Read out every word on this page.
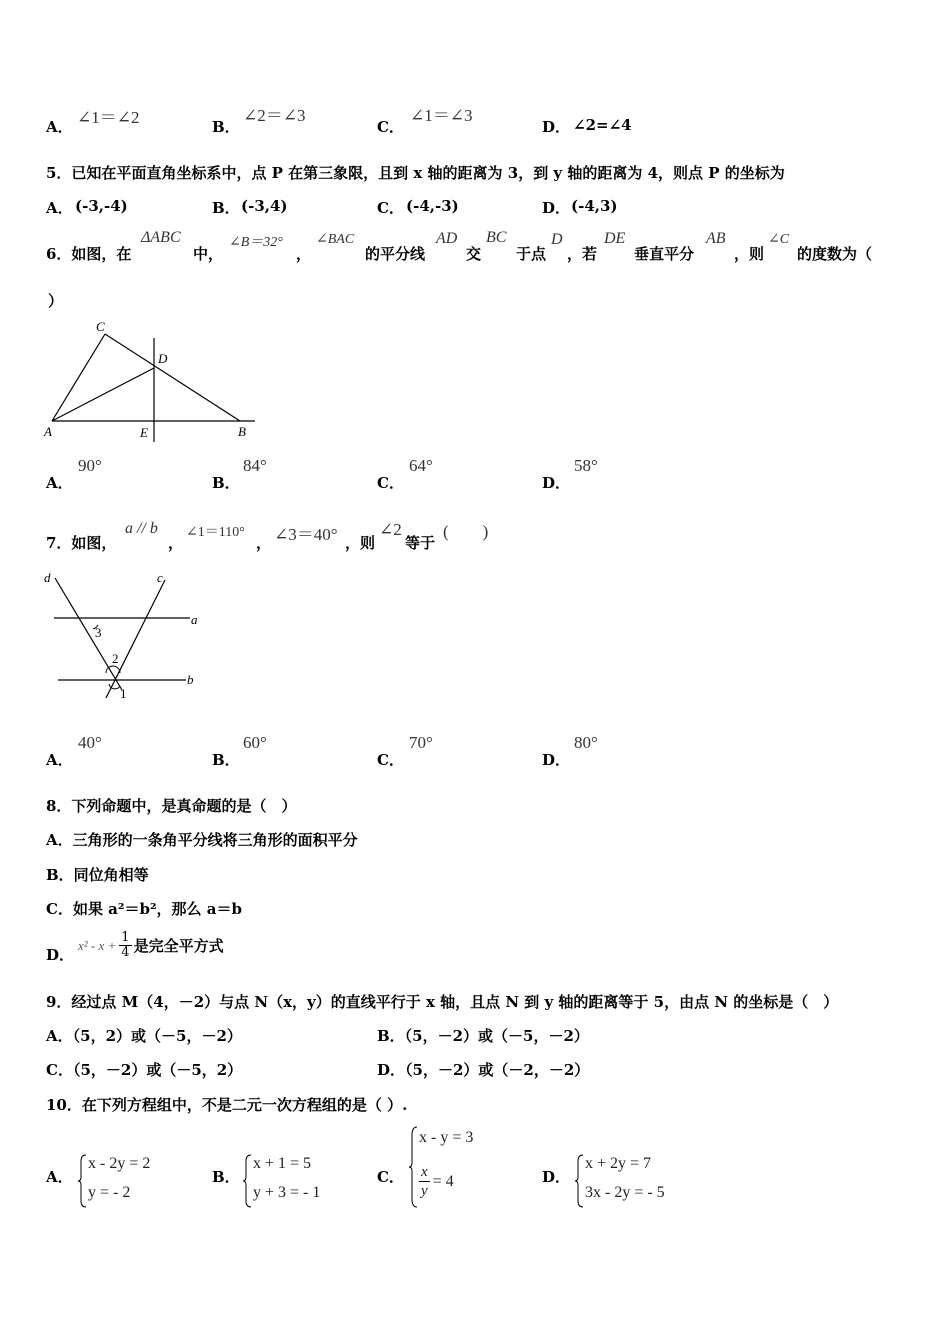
A． ∠1＝∠2	B．
∠2＝∠3
C．
∠1＝∠3
D． ∠2=∠4
5．已知在平面直角坐标系中，点 P 在第三象限，且到 x 轴的距离为 3，到 y 轴的距离为 4，则点 P 的坐标为
A． (-3,-4)	B． (-3,4)	C． (-4,-3)	D． (-4,3)
6．如图，在
ΔABC
中，
∠B＝32°
，
∠BAC
的平分线
AD
交
BC
于点
D
，若
DE
垂直平分
AB
，则
∠C
的度数为（
）
C
D
A	E	B
A．
90°
B．
84°
C．
64°
D．
58°
7．如图，
a // b
，
∠1＝110°
， ∠3＝40° ，则
∠2
等于
(　　)
d	c
a
b
3
2
1
A．
40°
B．
60°
C．
70°
D．
80°
8．下列命题中，是真命题的是（　）
A．三角形的一条角平分线将三角形的面积平分
B．同位角相等
C．如果 a²＝b²，那么 a＝b
D．
$x^2 - x + \frac{1}{4}$ 是完全平方式
9．经过点 M（4，－2）与点 N（x，y）的直线平行于 x 轴，且点 N 到 y 轴的距离等于 5，由点 N 的坐标是（　）
A．（5，2）或（－5，－2）	B．（5，－2）或（－5，－2）
C．（5，－2）或（－5，2）	D．（5，－2）或（－2，－2）
10．在下列方程组中，不是二元一次方程组的是（ ）.
A．
x - 2y = 2
y = - 2
B．
x + 1 = 5
y + 3 = - 1
C．
x - y = 3
$\frac{x}{y} = 4$	D．
x + 2y = 7
3x - 2y = - 5
